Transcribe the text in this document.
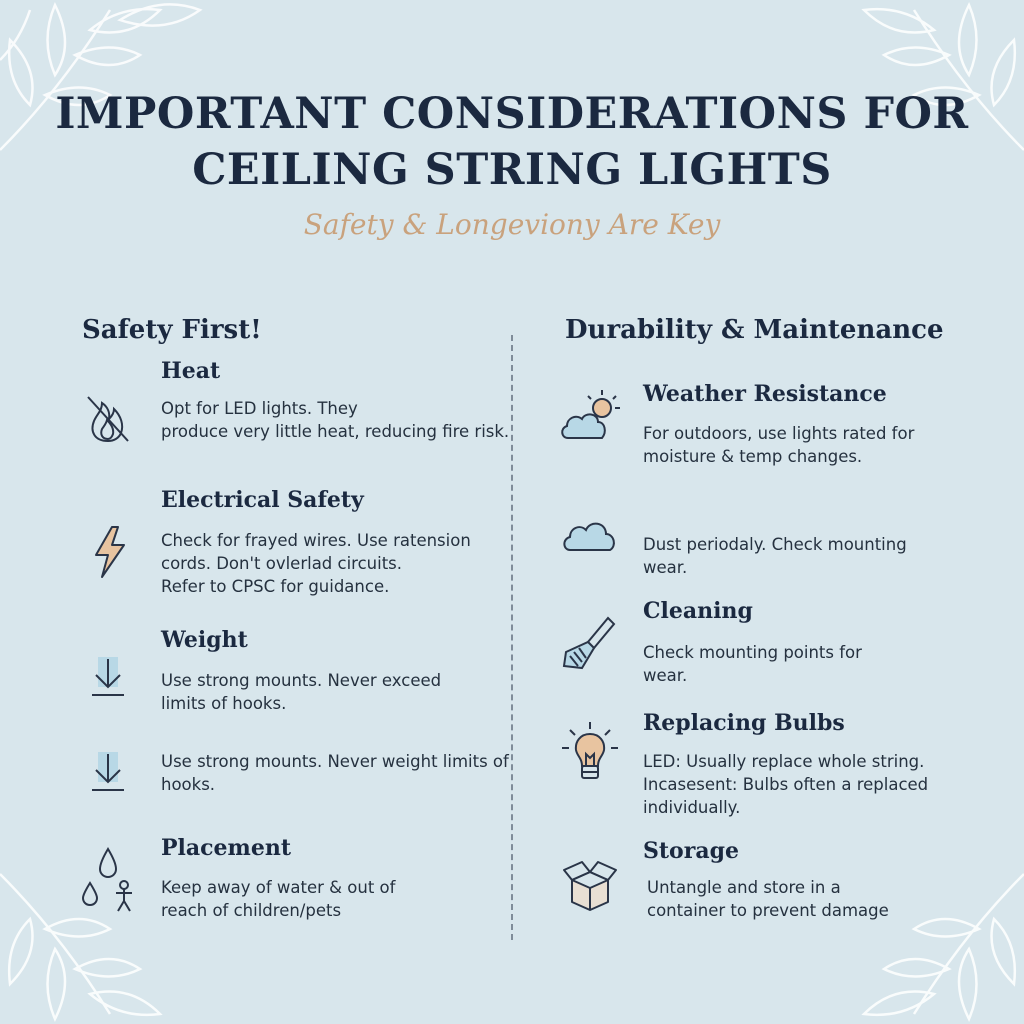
IMPORTANT CONSIDERATIONS FOR
CEILING STRING LIGHTS
Safety & Longeviony Are Key
Safety First!
Heat
Opt for LED lights. They
produce very little heat, reducing fire risk.
Electrical Safety
Check for frayed wires. Use ratension
cords. Don't ovlerlad circuits.
Refer to CPSC for guidance.
Weight
Use strong mounts. Never exceed
limits of hooks.
Use strong mounts. Never weight limits of
hooks.
Placement
Keep away of water & out of
reach of children/pets
Durability & Maintenance
Weather Resistance
For outdoors, use lights rated for
moisture & temp changes.
Dust periodaly. Check mounting
wear.
Cleaning
Check mounting points for
wear.
Replacing Bulbs
LED: Usually replace whole string.
Incasesent: Bulbs often a replaced
individually.
Storage
Untangle and store in a
container to prevent damage
